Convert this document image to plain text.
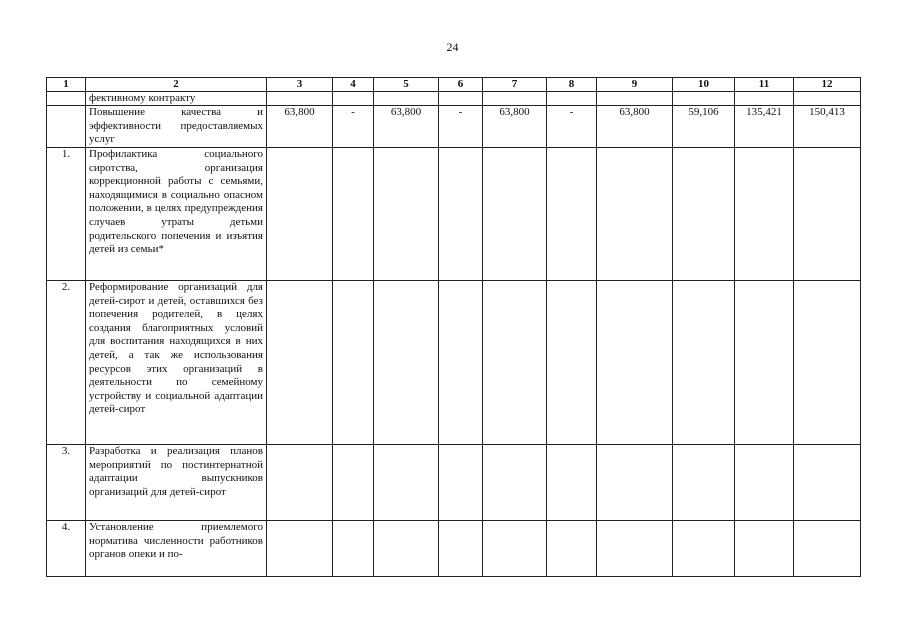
24
1	2	3	4	5	6	7	8	9	10	11	12
	фективному контракту										
	Повышение качества и эффективности предоставляемых услуг	63,800	-	63,800	-	63,800	-	63,800	59,106	135,421	150,413
1.	Профилактика социального сиротства, организация коррекционной работы с семьями, находящимися в социально опасном положении, в целях предупреждения случаев утраты детьми родительского попечения и изъятия детей из семьи*										
2.	Реформирование организаций для детей-сирот и детей, оставшихся без попечения родителей, в целях создания благоприятных условий для воспитания находящихся в них детей, а так же использования ресурсов этих организаций в деятельности по семейному устройству и социальной адаптации детей-сирот										
3.	Разработка и реализация планов мероприятий по постинтернатной адаптации выпускников организаций для детей-сирот										
4.	Установление приемлемого норматива численности работников органов опеки и по-										
